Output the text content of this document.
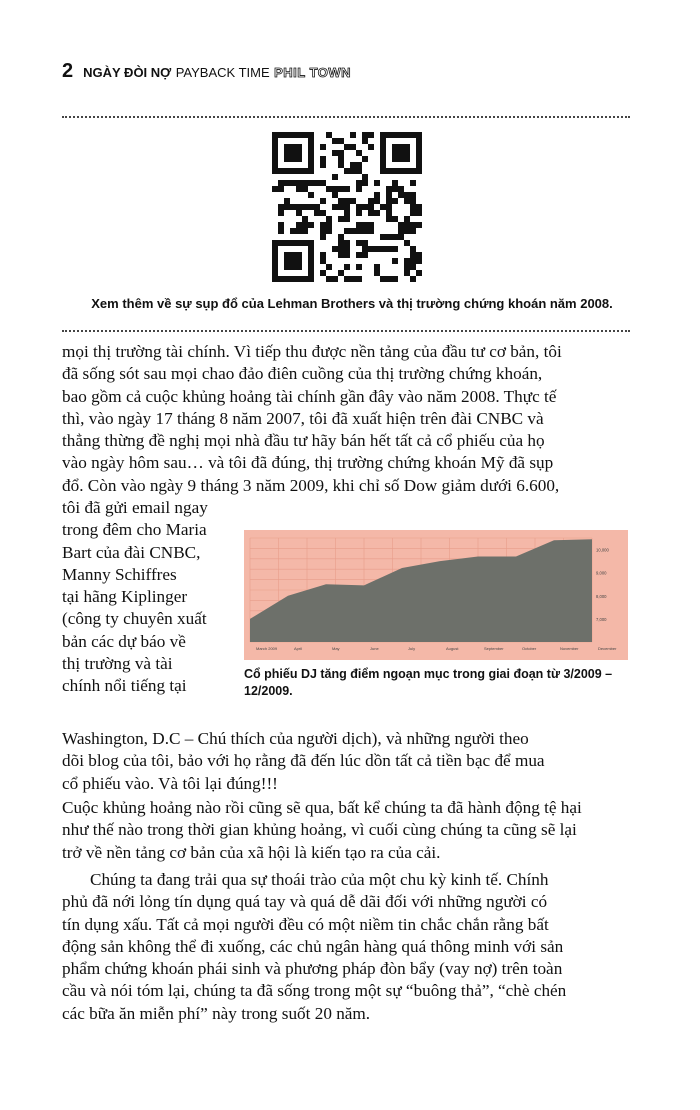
2 NGÀY ĐÒI NỢ PAYBACK TIME PHIL TOWN
Xem thêm về sự sụp đổ của Lehman Brothers và thị trường chứng khoán năm 2008.
mọi thị trường tài chính. Vì tiếp thu được nền tảng của đầu tư cơ bản, tôi
đã sống sót sau mọi chao đảo điên cuồng của thị trường chứng khoán,
bao gồm cả cuộc khủng hoảng tài chính gần đây vào năm 2008. Thực tế
thì, vào ngày 17 tháng 8 năm 2007, tôi đã xuất hiện trên đài CNBC và
thẳng thừng đề nghị mọi nhà đầu tư hãy bán hết tất cả cổ phiếu của họ
vào ngày hôm sau… và tôi đã đúng, thị trường chứng khoán Mỹ đã sụp
đổ. Còn vào ngày 9 tháng 3 năm 2009, khi chỉ số Dow giảm dưới 6.600,
tôi đã gửi email ngay
trong đêm cho Maria
Bart của đài CNBC,
Manny Schiffres
tại hãng Kiplinger
(công ty chuyên xuất
bản các dự báo về
thị trường và tài
chính nổi tiếng tại
March 2009	April	May	June	July	August	September	October	November	December
7,000
8,000
9,000
10,000
Cổ phiếu DJ tăng điểm ngoạn mục trong giai đoạn từ 3/2009 – 12/2009.
Washington, D.C – Chú thích của người dịch), và những người theo
dõi blog của tôi, bảo với họ rằng đã đến lúc dồn tất cả tiền bạc để mua
cổ phiếu vào. Và tôi lại đúng!!!
Cuộc khủng hoảng nào rồi cũng sẽ qua, bất kể chúng ta đã hành động tệ hại
như thế nào trong thời gian khủng hoảng, vì cuối cùng chúng ta cũng sẽ lại
trở về nền tảng cơ bản của xã hội là kiến tạo ra của cải.
Chúng ta đang trải qua sự thoái trào của một chu kỳ kinh tế. Chính
phủ đã nới lỏng tín dụng quá tay và quá dễ dãi đối với những người có
tín dụng xấu. Tất cả mọi người đều có một niềm tin chắc chắn rằng bất
động sản không thể đi xuống, các chủ ngân hàng quá thông minh với sản
phẩm chứng khoán phái sinh và phương pháp đòn bẩy (vay nợ) trên toàn
cầu và nói tóm lại, chúng ta đã sống trong một sự “buông thả”, “chè chén
các bữa ăn miễn phí” này trong suốt 20 năm.
